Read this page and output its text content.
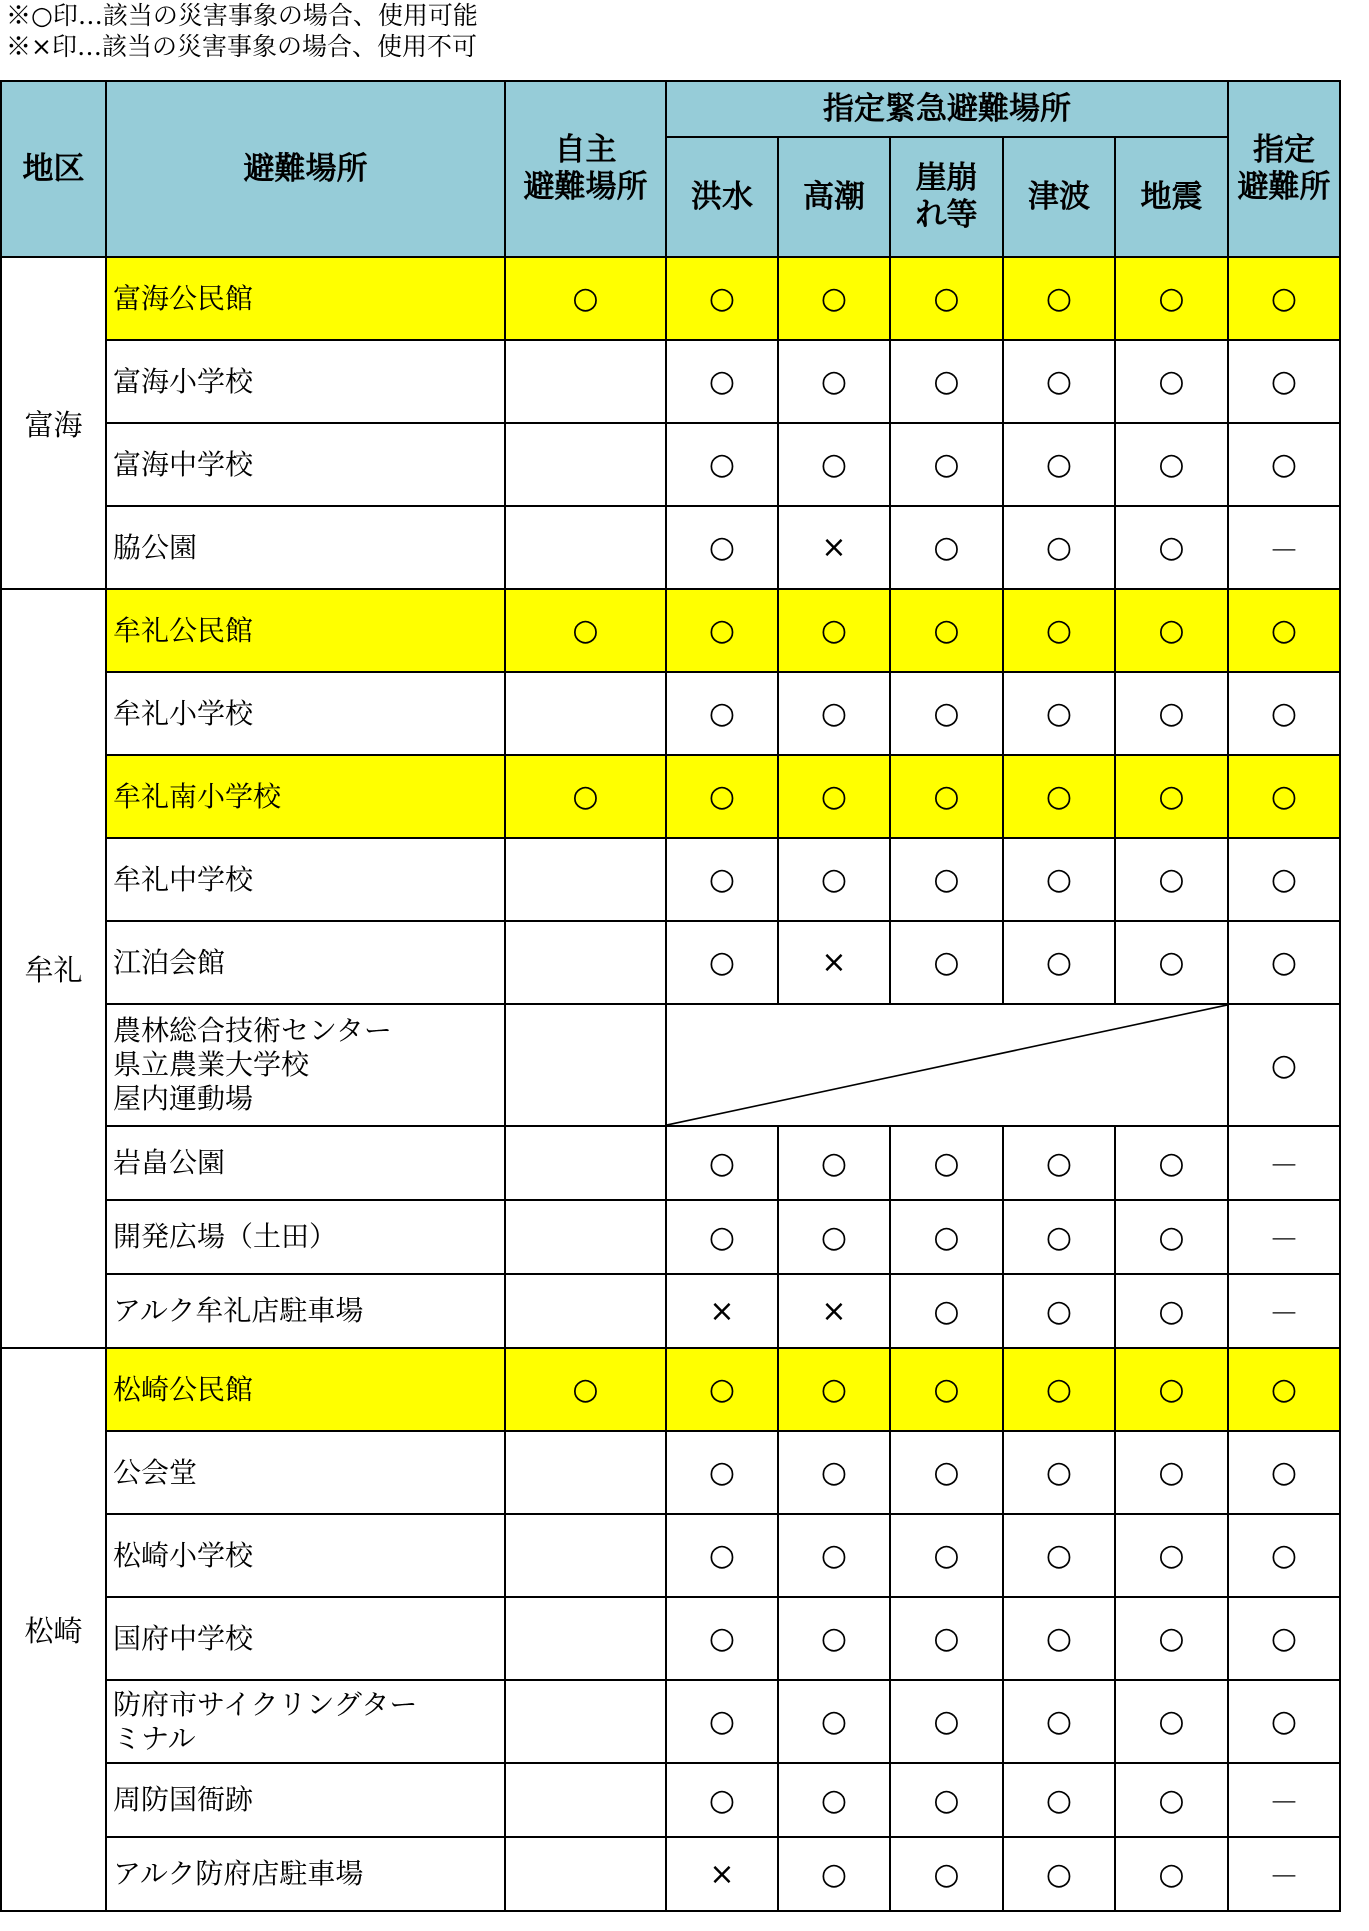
※○印…該当の災害事象の場合、使用可能
※×印…該当の災害事象の場合、使用不可
地区	避難場所	自主
避難場所	指定緊急避難場所					指定
避難所
			洪水	高潮	崖崩
れ等	津波	地震	
富海	富海公民館	○	○	○	○	○	○	○
	富海小学校		○	○	○	○	○	○
	富海中学校		○	○	○	○	○	○
	脇公園		○	×	○	○	○	－
牟礼	牟礼公民館	○	○	○	○	○	○	○
	牟礼小学校		○	○	○	○	○	○
	牟礼南小学校	○	○	○	○	○	○	○
	牟礼中学校		○	○	○	○	○	○
	江泊会館		○	×	○	○	○	○
	農林総合技術センター
県立農業大学校
屋内運動場							○
	岩畠公園		○	○	○	○	○	－
	開発広場（土田）		○	○	○	○	○	－
	アルク牟礼店駐車場		×	×	○	○	○	－
松崎	松崎公民館	○	○	○	○	○	○	○
	公会堂		○	○	○	○	○	○
	松崎小学校		○	○	○	○	○	○
	国府中学校		○	○	○	○	○	○
	防府市サイクリングター
ミナル		○	○	○	○	○	○
	周防国衙跡		○	○	○	○	○	－
	アルク防府店駐車場		×	○	○	○	○	－
